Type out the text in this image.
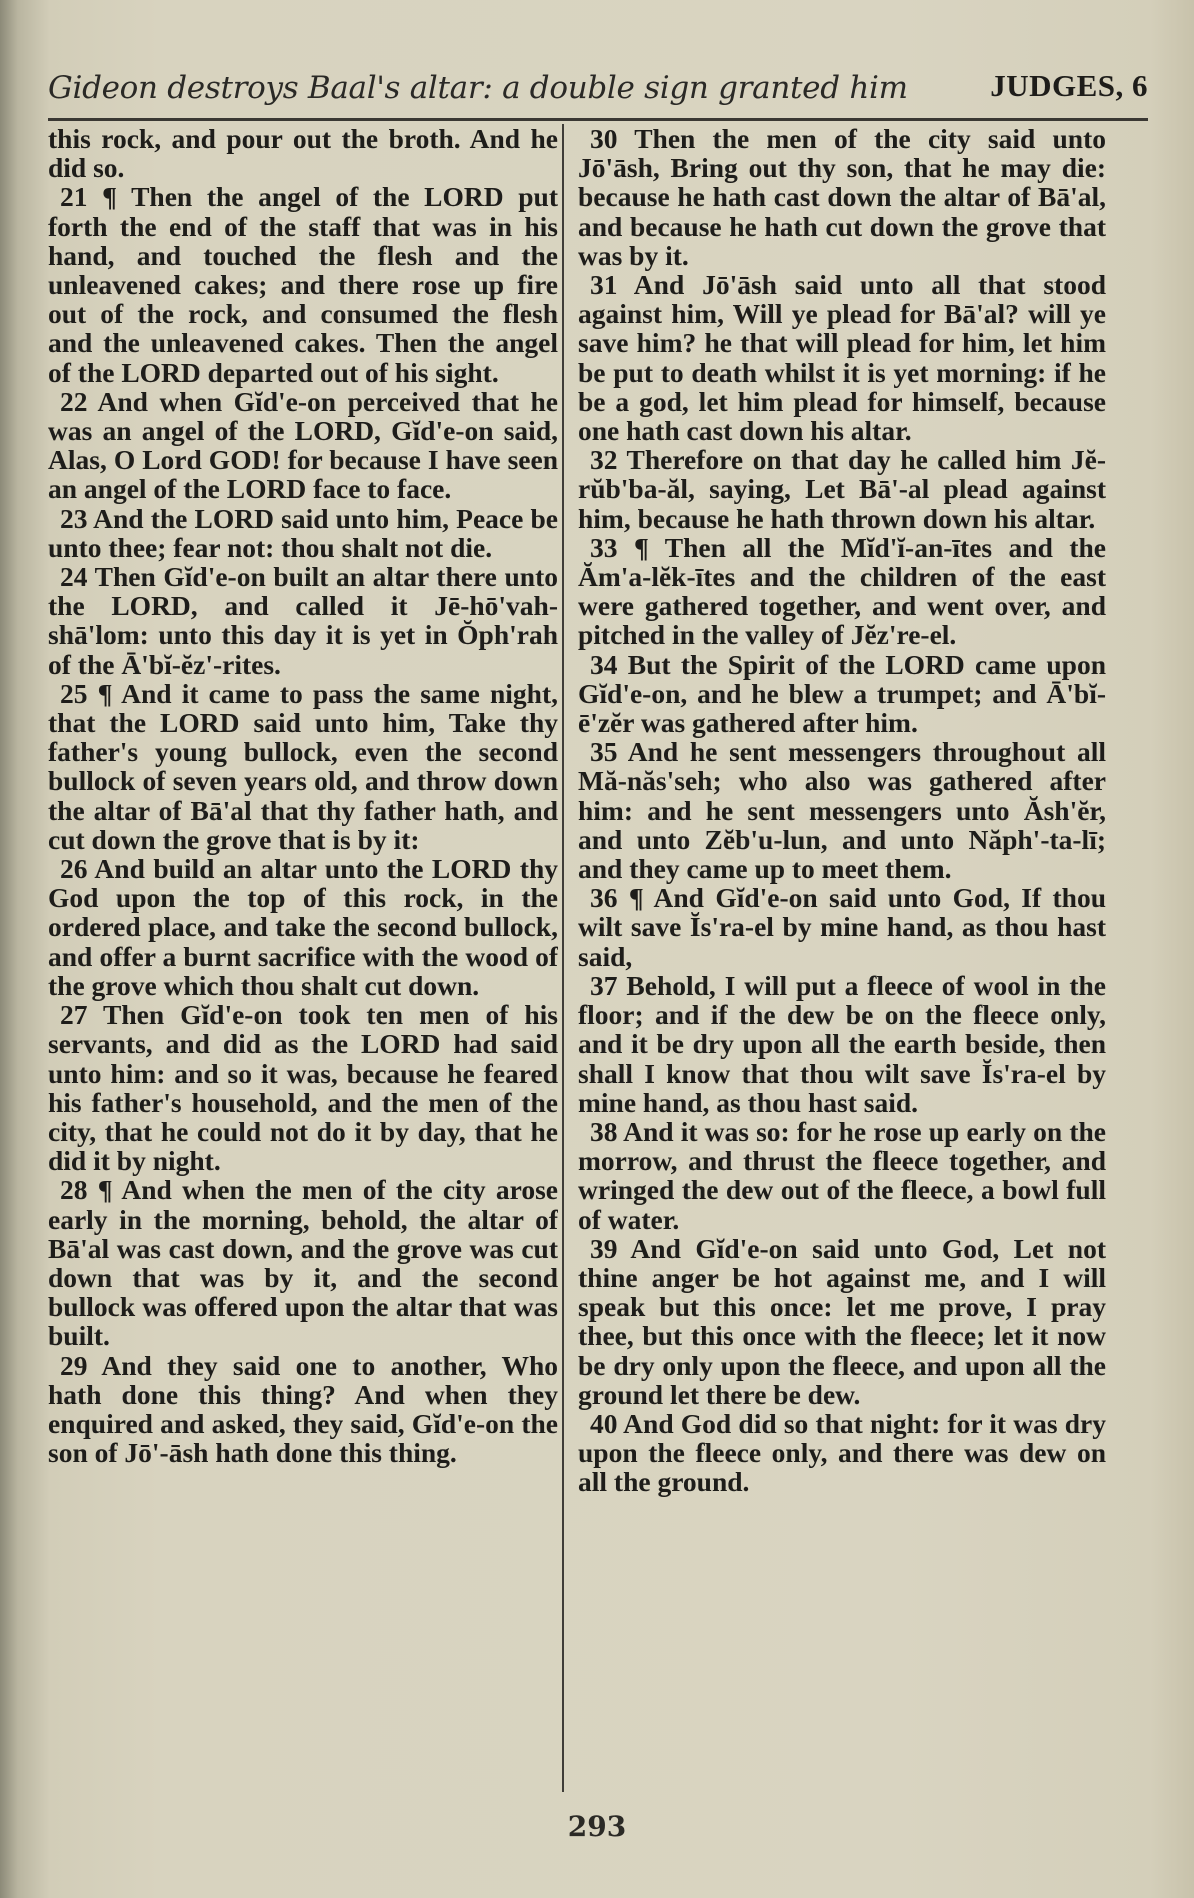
Gideon destroys Baal's altar: a double sign granted him	JUDGES, 6

this rock, and pour out the broth. And he did so.

21 ¶ Then the angel of the LORD put forth the end of the staff that was in his hand, and touched the flesh and the unleavened cakes; and there rose up fire out of the rock, and consumed the flesh and the unleavened cakes. Then the angel of the LORD departed out of his sight.

22 And when Gĭd'e-on perceived that he was an angel of the LORD, Gĭd'e-on said, Alas, O Lord GOD! for because I have seen an angel of the LORD face to face.

23 And the LORD said unto him, Peace be unto thee; fear not: thou shalt not die.

24 Then Gĭd'e-on built an altar there unto the LORD, and called it Jē-hō'vah-shā'lom: unto this day it is yet in Ŏph'rah of the Ā'bĭ-ĕz'-rites.

25 ¶ And it came to pass the same night, that the LORD said unto him, Take thy father's young bullock, even the second bullock of seven years old, and throw down the altar of Bā'al that thy father hath, and cut down the grove that is by it:

26 And build an altar unto the LORD thy God upon the top of this rock, in the ordered place, and take the second bullock, and offer a burnt sacrifice with the wood of the grove which thou shalt cut down.

27 Then Gĭd'e-on took ten men of his servants, and did as the LORD had said unto him: and so it was, because he feared his father's household, and the men of the city, that he could not do it by day, that he did it by night.

28 ¶ And when the men of the city arose early in the morning, behold, the altar of Bā'al was cast down, and the grove was cut down that was by it, and the second bullock was offered upon the altar that was built.

29 And they said one to another, Who hath done this thing? And when they enquired and asked, they said, Gĭd'e-on the son of Jō'-āsh hath done this thing.

30 Then the men of the city said unto Jō'āsh, Bring out thy son, that he may die: because he hath cast down the altar of Bā'al, and because he hath cut down the grove that was by it.

31 And Jō'āsh said unto all that stood against him, Will ye plead for Bā'al? will ye save him? he that will plead for him, let him be put to death whilst it is yet morning: if he be a god, let him plead for himself, because one hath cast down his altar.

32 Therefore on that day he called him Jĕ-rŭb'ba-ăl, saying, Let Bā'-al plead against him, because he hath thrown down his altar.

33 ¶ Then all the Mĭd'ĭ-an-ītes and the Ăm'a-lĕk-ītes and the children of the east were gathered together, and went over, and pitched in the valley of Jĕz're-el.

34 But the Spirit of the LORD came upon Gĭd'e-on, and he blew a trumpet; and Ā'bĭ-ē'zĕr was gathered after him.

35 And he sent messengers throughout all Mă-năs'seh; who also was gathered after him: and he sent messengers unto Ăsh'ĕr, and unto Zĕb'u-lun, and unto Năph'-ta-lī; and they came up to meet them.

36 ¶ And Gĭd'e-on said unto God, If thou wilt save Ĭs'ra-el by mine hand, as thou hast said,

37 Behold, I will put a fleece of wool in the floor; and if the dew be on the fleece only, and it be dry upon all the earth beside, then shall I know that thou wilt save Ĭs'ra-el by mine hand, as thou hast said.

38 And it was so: for he rose up early on the morrow, and thrust the fleece together, and wringed the dew out of the fleece, a bowl full of water.

39 And Gĭd'e-on said unto God, Let not thine anger be hot against me, and I will speak but this once: let me prove, I pray thee, but this once with the fleece; let it now be dry only upon the fleece, and upon all the ground let there be dew.

40 And God did so that night: for it was dry upon the fleece only, and there was dew on all the ground.

293
